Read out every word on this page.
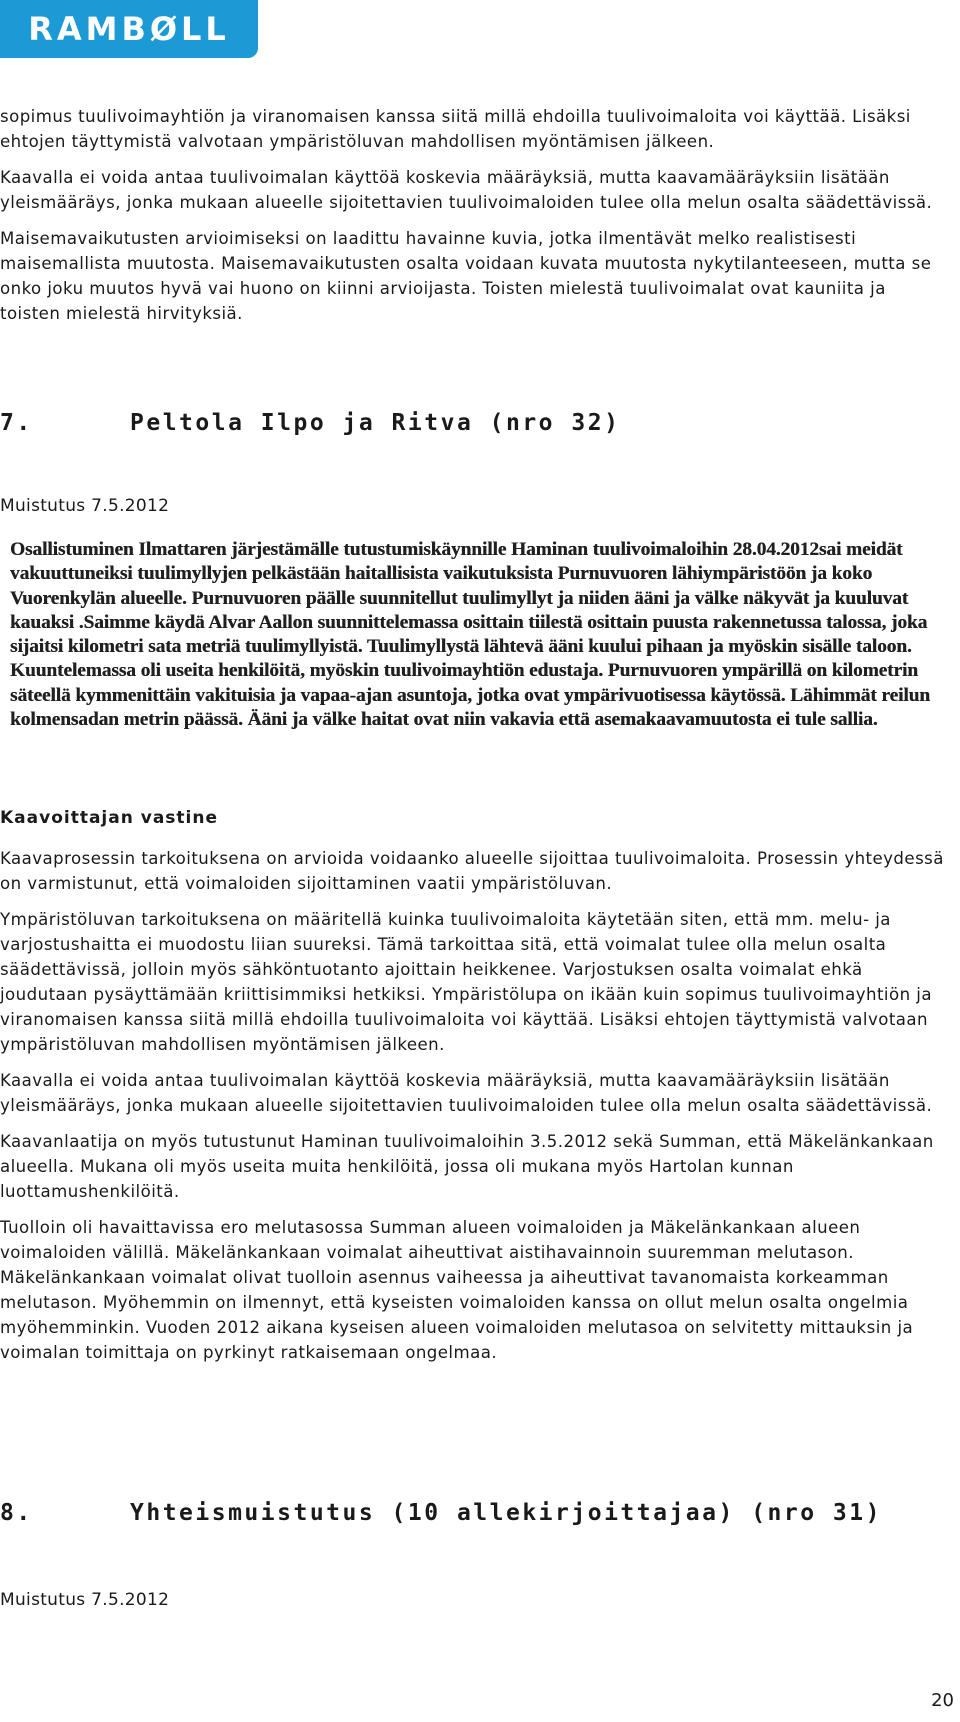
RAMBØLL

sopimus tuulivoimayhtiön ja viranomaisen kanssa siitä millä ehdoilla tuulivoimaloita voi käyttää. Lisäksi ehtojen täyttymistä valvotaan ympäristöluvan mahdollisen myöntämisen jälkeen.

Kaavalla ei voida antaa tuulivoimalan käyttöä koskevia määräyksiä, mutta kaavamääräyksiin lisätään yleismääräys, jonka mukaan alueelle sijoitettavien tuulivoimaloiden tulee olla melun osalta säädettävissä.

Maisemavaikutusten arvioimiseksi on laadittu havainne kuvia, jotka ilmentävät melko realistisesti maisemallista muutosta. Maisemavaikutusten osalta voidaan kuvata muutosta nykytilanteeseen, mutta se onko joku muutos hyvä vai huono on kiinni arvioijasta. Toisten mielestä tuulivoimalat ovat kauniita ja toisten mielestä hirvityksiä.

7.	Peltola Ilpo ja Ritva (nro 32)
Muistutus 7.5.2012

Osallistuminen Ilmattaren järjestämälle tutustumiskäynnille Haminan tuulivoimaloihin 28.04.2012sai meidät vakuuttuneiksi tuulimyllyjen pelkästään haitallisista vaikutuksista Purnuvuoren lähiympäristöön ja koko Vuorenkylän alueelle. Purnuvuoren päälle suunnitellut tuulimyllyt ja niiden ääni ja välke näkyvät ja kuuluvat kauaksi .Saimme käydä Alvar Aallon suunnittelemassa osittain tiilestä osittain puusta rakennetussa talossa, joka sijaitsi kilometri sata metriä tuulimyllyistä. Tuulimyllystä lähtevä ääni kuului pihaan ja myöskin sisälle taloon. Kuuntelemassa oli useita henkilöitä, myöskin tuulivoimayhtiön edustaja. Purnuvuoren ympärillä on kilometrin säteellä kymmenittäin vakituisia ja vapaa-ajan asuntoja, jotka ovat ympärivuotisessa käytössä. Lähimmät reilun kolmensadan metrin päässä. Ääni ja välke haitat ovat niin vakavia että asemakaavamuutosta ei tule sallia.

Kaavoittajan vastine

Kaavaprosessin tarkoituksena on arvioida voidaanko alueelle sijoittaa tuulivoimaloita. Prosessin yhteydessä on varmistunut, että voimaloiden sijoittaminen vaatii ympäristöluvan.

Ympäristöluvan tarkoituksena on määritellä kuinka tuulivoimaloita käytetään siten, että mm. melu- ja varjostushaitta ei muodostu liian suureksi. Tämä tarkoittaa sitä, että voimalat tulee olla melun osalta säädettävissä, jolloin myös sähköntuotanto ajoittain heikkenee. Varjostuksen osalta voimalat ehkä joudutaan pysäyttämään kriittisimmiksi hetkiksi. Ympäristölupa on ikään kuin sopimus tuulivoimayhtiön ja viranomaisen kanssa siitä millä ehdoilla tuulivoimaloita voi käyttää. Lisäksi ehtojen täyttymistä valvotaan ympäristöluvan mahdollisen myöntämisen jälkeen.

Kaavalla ei voida antaa tuulivoimalan käyttöä koskevia määräyksiä, mutta kaavamääräyksiin lisätään yleismääräys, jonka mukaan alueelle sijoitettavien tuulivoimaloiden tulee olla melun osalta säädettävissä.

Kaavanlaatija on myös tutustunut Haminan tuulivoimaloihin 3.5.2012 sekä Summan, että Mäkelänkankaan alueella. Mukana oli myös useita muita henkilöitä, jossa oli mukana myös Hartolan kunnan luottamushenkilöitä.

Tuolloin oli havaittavissa ero melutasossa Summan alueen voimaloiden ja Mäkelänkankaan alueen voimaloiden välillä. Mäkelänkankaan voimalat aiheuttivat aistihavainnoin suuremman melutason. Mäkelänkankaan voimalat olivat tuolloin asennus vaiheessa ja aiheuttivat tavanomaista korkeamman melutason. Myöhemmin on ilmennyt, että kyseisten voimaloiden kanssa on ollut melun osalta ongelmia myöhemminkin. Vuoden 2012 aikana kyseisen alueen voimaloiden melutasoa on selvitetty mittauksin ja voimalan toimittaja on pyrkinyt ratkaisemaan ongelmaa.

8.	Yhteismuistutus (10 allekirjoittajaa) (nro 31)
Muistutus 7.5.2012
20
